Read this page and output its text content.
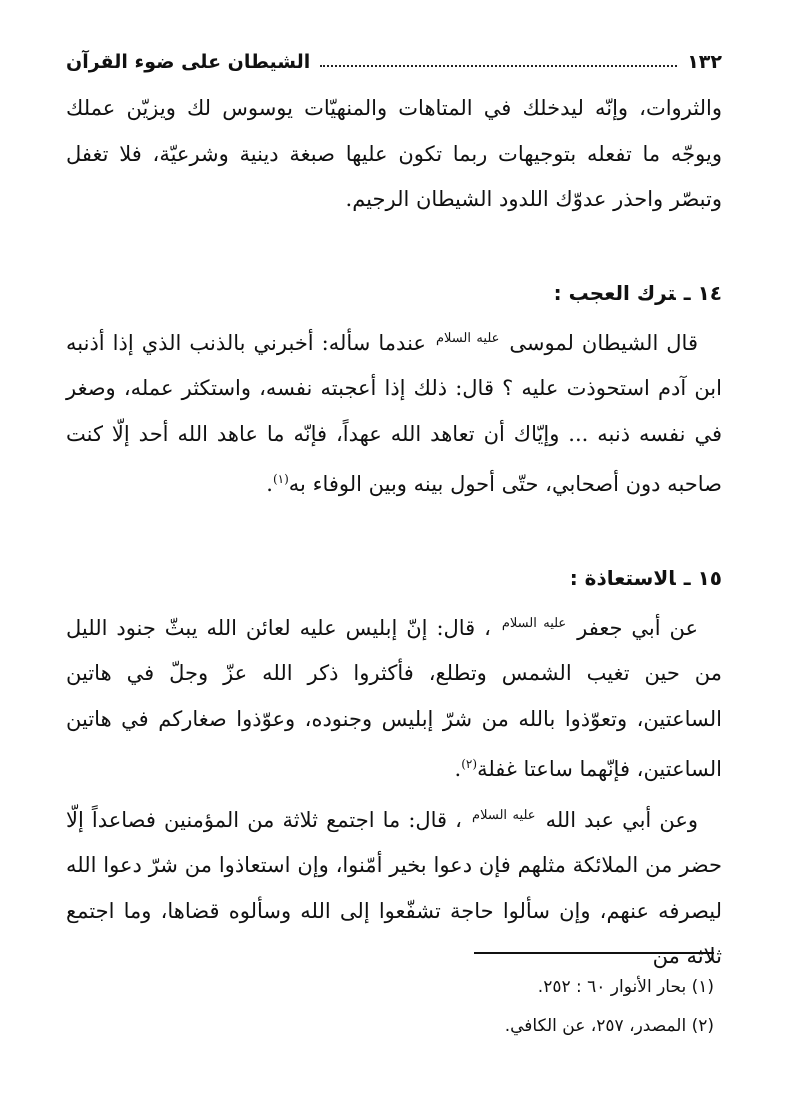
١٣٢
الشيطان على ضوء القرآن

والثروات، وإنّه ليدخلك في المتاهات والمنهيّات يوسوس لك ويزيّن عملك ويوجّه ما تفعله بتوجيهات ربما تكون عليها صبغة دينية وشرعيّة، فلا تغفل وتبصّر واحذر عدوّك اللدود الشيطان الرجيم.

١٤ ـترك العجب :

قال الشيطان لموسى $^{عليه السلام}$ عندما سأله: أخبرني بالذنب الذي إذا أذنبه ابن آدم استحوذت عليه ؟ قال: ذلك إذا أعجبته نفسه، واستكثر عمله، وصغر في نفسه ذنبه ... وإيّاك أن تعاهد الله عهداً، فإنّه ما عاهد الله أحد إلّا كنت صاحبه دون أصحابي، حتّى أحول بينه وبين الوفاء به$^{(١)}$.

١٥ ـالاستعاذة :

عن أبي جعفر $^{عليه السلام}$ ، قال: إنّ إبليس عليه لعائن الله يبثّ جنود الليل من حين تغيب الشمس وتطلع، فأكثروا ذكر الله عزّ وجلّ في هاتين الساعتين، وتعوّذوا بالله من شرّ إبليس وجنوده، وعوّذوا صغاركم في هاتين الساعتين، فإنّهما ساعتا غفلة$^{(٢)}$.

وعن أبي عبد الله $^{عليه السلام}$ ، قال: ما اجتمع ثلاثة من المؤمنين فصاعداً إلّا حضر من الملائكة مثلهم فإن دعوا بخير أمّنوا، وإن استعاذوا من شرّ دعوا الله ليصرفه عنهم، وإن سألوا حاجة تشفّعوا إلى الله وسألوه قضاها، وما اجتمع ثلاثة من

(١) بحار الأنوار ٦٠ : ٢٥٢.

(٢) المصدر، ٢٥٧، عن الكافي.
